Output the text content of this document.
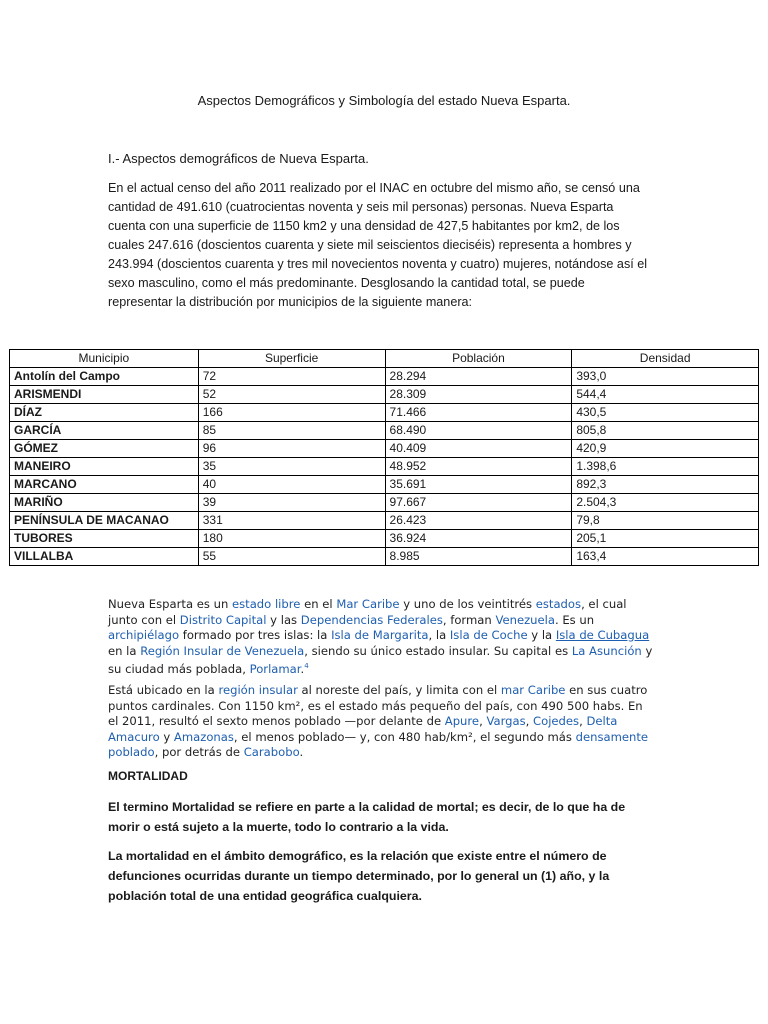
Aspectos Demográficos y Simbología del estado Nueva Esparta.
I.- Aspectos demográficos de Nueva Esparta.
En el actual censo del año 2011 realizado por el INAC en octubre del mismo año, se censó una cantidad de 491.610 (cuatrocientas noventa y seis mil personas) personas. Nueva Esparta cuenta con una superficie de 1150 km2 y una densidad de 427,5 habitantes por km2, de los cuales 247.616 (doscientos cuarenta y siete mil seiscientos dieciséis) representa a hombres y 243.994 (doscientos cuarenta y tres mil novecientos noventa y cuatro) mujeres, notándose así el sexo masculino, como el más predominante. Desglosando la cantidad total, se puede representar la distribución por municipios de la siguiente manera:
Municipio	Superficie	Población	Densidad
Antolín del Campo	72	28.294	393,0
ARISMENDI	52	28.309	544,4
DÍAZ	166	71.466	430,5
GARCÍA	85	68.490	805,8
GÓMEZ	96	40.409	420,9
MANEIRO	35	48.952	1.398,6
MARCANO	40	35.691	892,3
MARIÑO	39	97.667	2.504,3
PENÍNSULA DE MACANAO	331	26.423	79,8
TUBORES	180	36.924	205,1
VILLALBA	55	8.985	163,4
Nueva Esparta es un estado libre en el Mar Caribe y uno de los veintitrés estados, el cual junto con el Distrito Capital y las Dependencias Federales, forman Venezuela. Es un archipiélago formado por tres islas: la Isla de Margarita, la Isla de Coche y la Isla de Cubagua en la Región Insular de Venezuela, siendo su único estado insular. Su capital es La Asunción y su ciudad más poblada, Porlamar.$^4$
Está ubicado en la región insular al noreste del país, y limita con el mar Caribe en sus cuatro puntos cardinales. Con 1150 km², es el estado más pequeño del país, con 490 500 habs. En el 2011, resultó el sexto menos poblado —por delante de Apure, Vargas, Cojedes, Delta Amacuro y Amazonas, el menos poblado— y, con 480 hab/km², el segundo más densamente poblado, por detrás de Carabobo.
MORTALIDAD
El termino Mortalidad se refiere en parte a la calidad de mortal; es decir, de lo que ha de morir o está sujeto a la muerte, todo lo contrario a la vida.
La mortalidad en el ámbito demográfico, es la relación que existe entre el número de defunciones ocurridas durante un tiempo determinado, por lo general un (1) año, y la población total de una entidad geográfica cualquiera.
